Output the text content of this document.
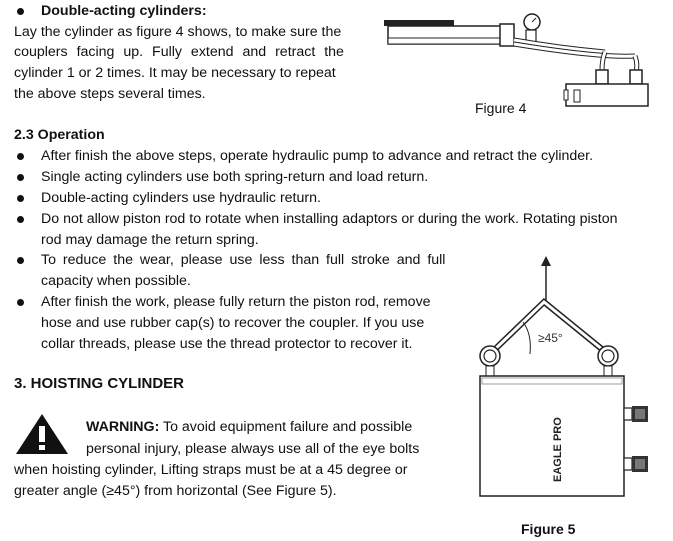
Double-acting cylinders:
Lay the cylinder as figure 4 shows, to make sure the
couplers facing up. Fully extend and retract the
cylinder 1 or 2 times. It may be necessary to repeat
the above steps several times.
Figure 4
2.3 Operation
After finish the above steps, operate hydraulic pump to advance and retract the cylinder.
Single acting cylinders use both spring-return and load return.
Double-acting cylinders use hydraulic return.
Do not allow piston rod to rotate when installing adaptors or during the work. Rotating piston
rod may damage the return spring.
To reduce the wear, please use less than full stroke and full
capacity when possible.
After finish the work, please fully return the piston rod, remove
hose and use rubber cap(s) to recover the coupler. If you use
collar threads, please use the thread protector to recover it.
3. HOISTING CYLINDER
WARNING: To avoid equipment failure and possible
personal injury, please always use all of the eye bolts
when hoisting cylinder, Lifting straps must be at a 45 degree or
greater angle (≥45°) from horizontal (See Figure 5).
≥45°
EAGLE PRO
Figure 5
